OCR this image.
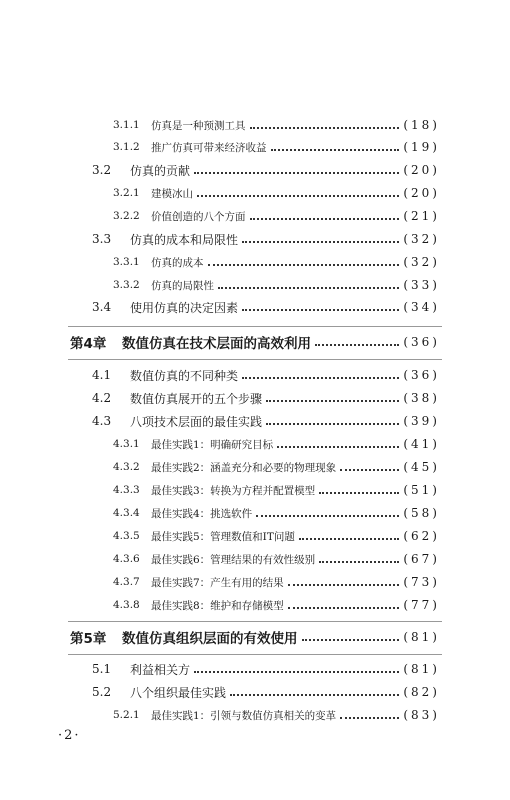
3.1.1	仿真是一种预测工具	(18)
3.1.2	推广仿真可带来经济收益	(19)
3.2	仿真的贡献	(20)
3.2.1	建模冰山	(20)
3.2.2	价值创造的八个方面	(21)
3.3	仿真的成本和局限性	(32)
3.3.1	仿真的成本	(32)
3.3.2	仿真的局限性	(33)
3.4	使用仿真的决定因素	(34)
第4章	数值仿真在技术层面的高效利用	(36)
4.1	数值仿真的不同种类	(36)
4.2	数值仿真展开的五个步骤	(38)
4.3	八项技术层面的最佳实践	(39)
4.3.1	最佳实践1：明确研究目标	(41)
4.3.2	最佳实践2：涵盖充分和必要的物理现象	(45)
4.3.3	最佳实践3：转换为方程并配置模型	(51)
4.3.4	最佳实践4：挑选软件	(58)
4.3.5	最佳实践5：管理数值和IT问题	(62)
4.3.6	最佳实践6：管理结果的有效性级别	(67)
4.3.7	最佳实践7：产生有用的结果	(73)
4.3.8	最佳实践8：维护和存储模型	(77)
第5章	数值仿真组织层面的有效使用	(81)
5.1	利益相关方	(81)
5.2	八个组织最佳实践	(82)
5.2.1	最佳实践1：引领与数值仿真相关的变革	(83)
·2·
